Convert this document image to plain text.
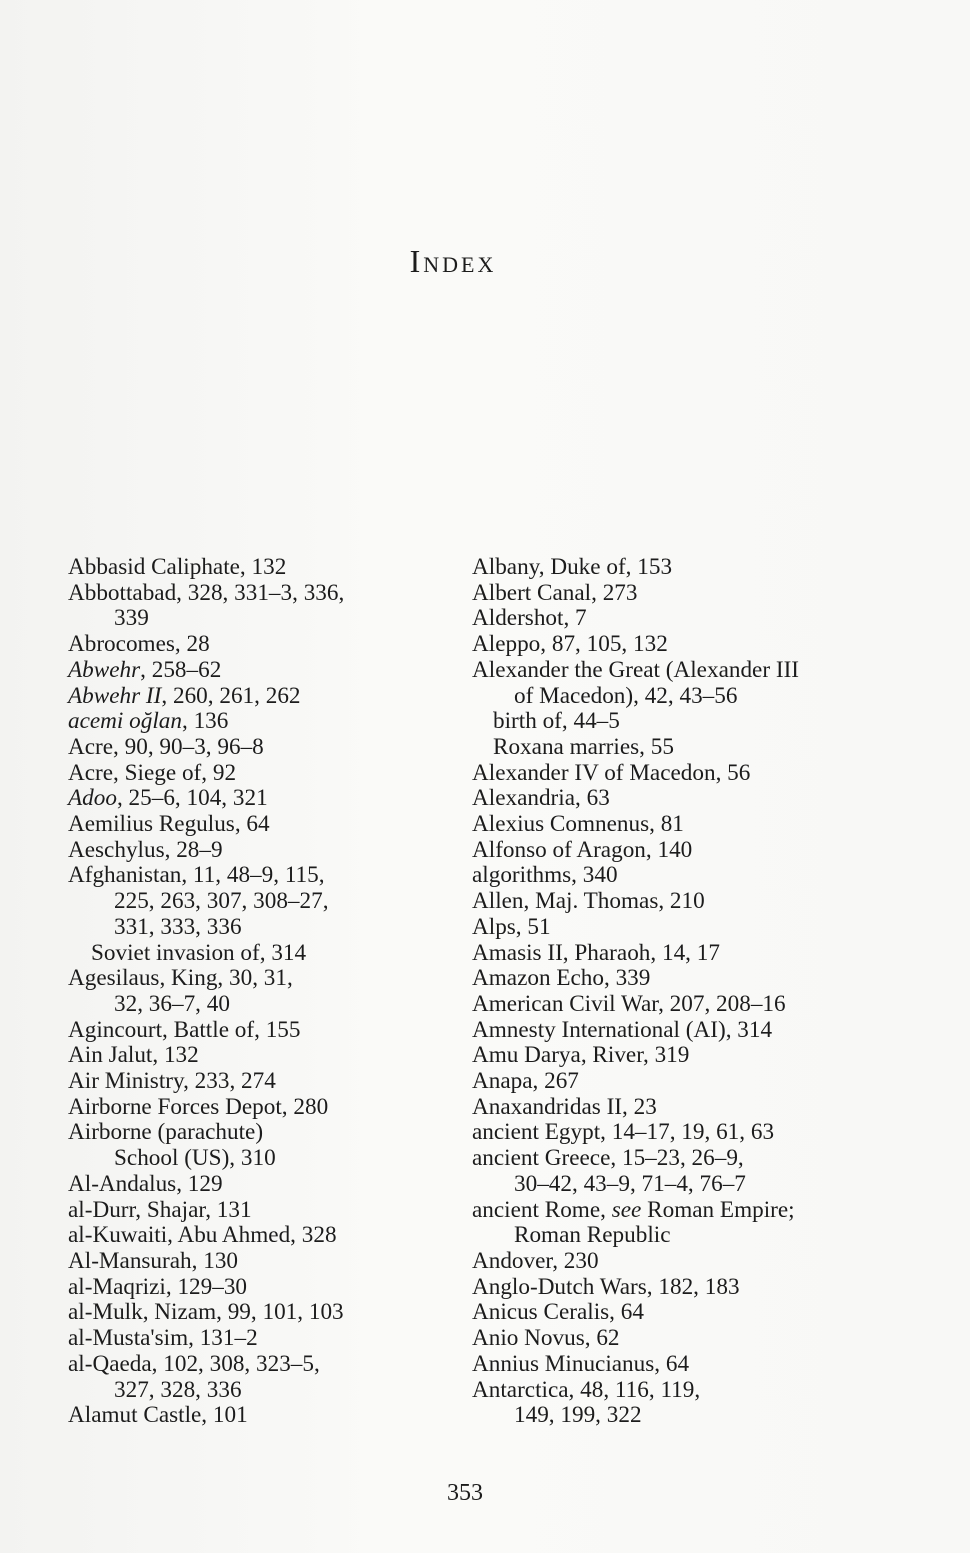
Index
Abbasid Caliphate, 132
Abbottabad, 328, 331–3, 336,
339
Abrocomes, 28
Abwehr, 258–62
Abwehr II, 260, 261, 262
acemi oğlan, 136
Acre, 90, 90–3, 96–8
Acre, Siege of, 92
Adoo, 25–6, 104, 321
Aemilius Regulus, 64
Aeschylus, 28–9
Afghanistan, 11, 48–9, 115,
225, 263, 307, 308–27,
331, 333, 336
Soviet invasion of, 314
Agesilaus, King, 30, 31,
32, 36–7, 40
Agincourt, Battle of, 155
Ain Jalut, 132
Air Ministry, 233, 274
Airborne Forces Depot, 280
Airborne (parachute)
School (US), 310
Al-Andalus, 129
al-Durr, Shajar, 131
al-Kuwaiti, Abu Ahmed, 328
Al-Mansurah, 130
al-Maqrizi, 129–30
al-Mulk, Nizam, 99, 101, 103
al-Musta'sim, 131–2
al-Qaeda, 102, 308, 323–5,
327, 328, 336
Alamut Castle, 101
Albany, Duke of, 153
Albert Canal, 273
Aldershot, 7
Aleppo, 87, 105, 132
Alexander the Great (Alexander III
of Macedon), 42, 43–56
birth of, 44–5
Roxana marries, 55
Alexander IV of Macedon, 56
Alexandria, 63
Alexius Comnenus, 81
Alfonso of Aragon, 140
algorithms, 340
Allen, Maj. Thomas, 210
Alps, 51
Amasis II, Pharaoh, 14, 17
Amazon Echo, 339
American Civil War, 207, 208–16
Amnesty International (AI), 314
Amu Darya, River, 319
Anapa, 267
Anaxandridas II, 23
ancient Egypt, 14–17, 19, 61, 63
ancient Greece, 15–23, 26–9,
30–42, 43–9, 71–4, 76–7
ancient Rome, see Roman Empire;
Roman Republic
Andover, 230
Anglo-Dutch Wars, 182, 183
Anicus Ceralis, 64
Anio Novus, 62
Annius Minucianus, 64
Antarctica, 48, 116, 119,
149, 199, 322
353
